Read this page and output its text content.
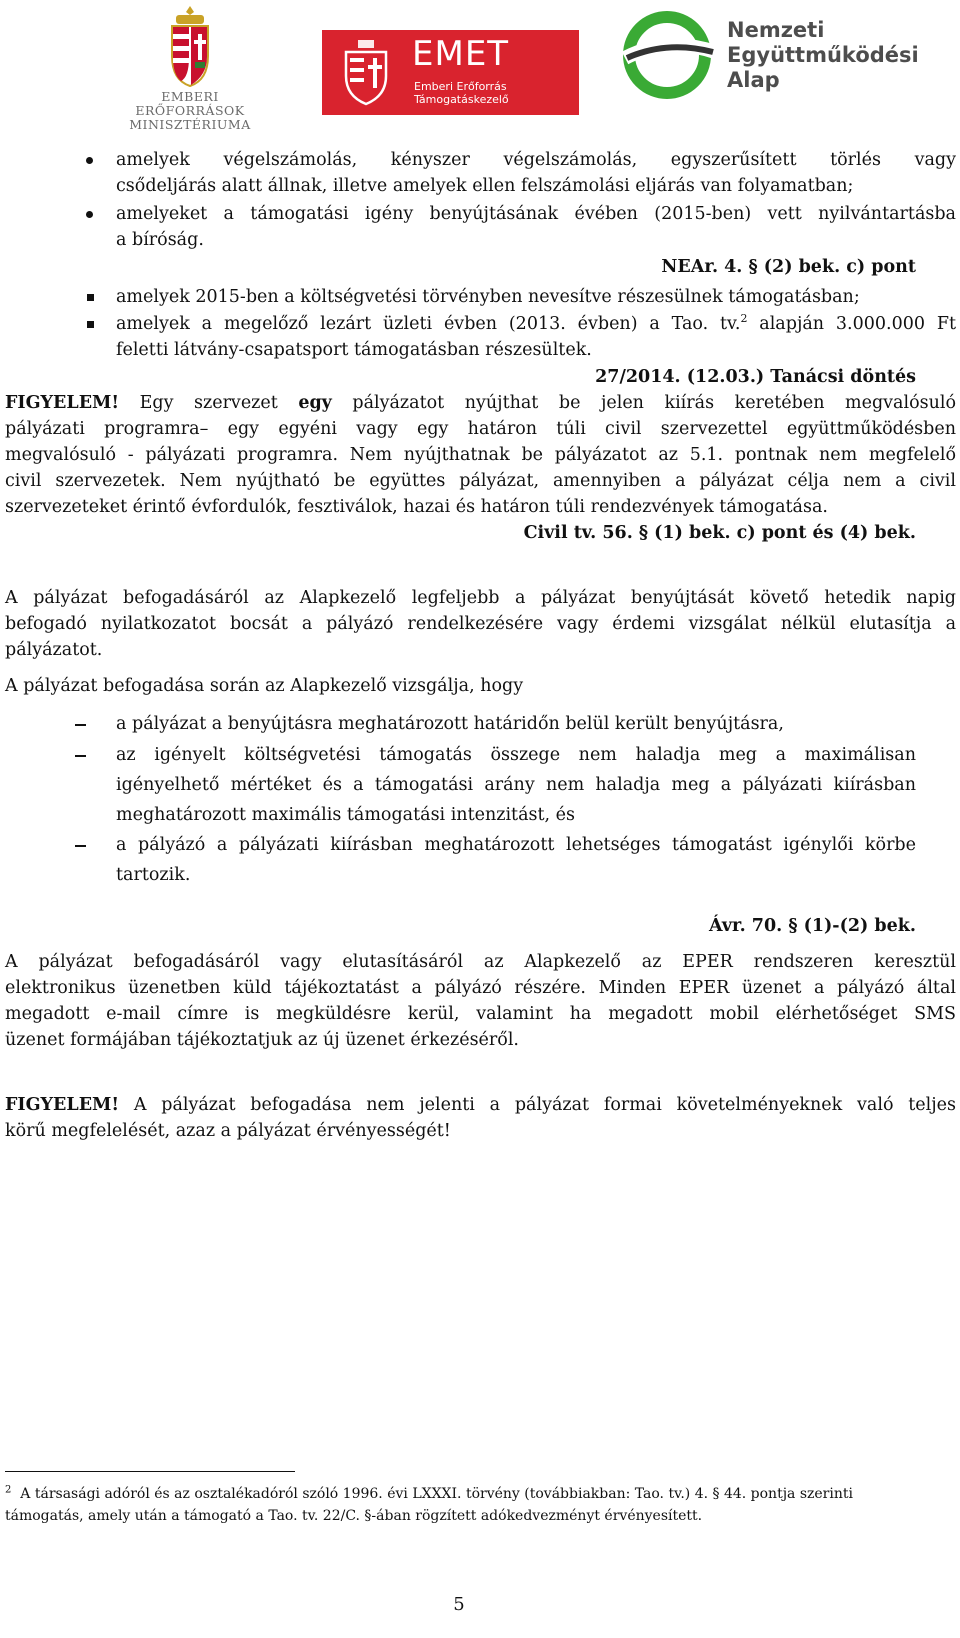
EMBERI ERŐFORRÁSOK
MINISZTÉRIUMA
EMET
Emberi Erőforrás
Támogatáskezelő
Nemzeti
Együttműködési
Alap
amelyek végelszámolás, kényszer végelszámolás, egyszerűsített törlés vagy
csődeljárás alatt állnak, illetve amelyek ellen felszámolási eljárás van folyamatban;
amelyeket a támogatási igény benyújtásának évében (2015-ben) vett nyilvántartásba
a bíróság.
NEAr. 4. § (2) bek. c) pont
amelyek 2015-ben a költségvetési törvényben nevesítve részesülnek támogatásban;
amelyek a megelőző lezárt üzleti évben (2013. évben) a Tao. tv.$^2$ alapján 3.000.000 Ft
feletti látvány-csapatsport támogatásban részesültek.
27/2014. (12.03.) Tanácsi döntés
FIGYELEM! Egy szervezet egy pályázatot nyújthat be jelen kiírás keretében megvalósuló
pályázati programra– egy egyéni vagy egy határon túli civil szervezettel együttműködésben
megvalósuló - pályázati programra. Nem nyújthatnak be pályázatot az 5.1. pontnak nem megfelelő
civil szervezetek. Nem nyújtható be együttes pályázat, amennyiben a pályázat célja nem a civil
szervezeteket érintő évfordulók, fesztiválok, hazai és határon túli rendezvények támogatása.
Civil tv. 56. § (1) bek. c) pont és (4) bek.
A pályázat befogadásáról az Alapkezelő legfeljebb a pályázat benyújtását követő hetedik napig
befogadó nyilatkozatot bocsát a pályázó rendelkezésére vagy érdemi vizsgálat nélkül elutasítja a
pályázatot.
A pályázat befogadása során az Alapkezelő vizsgálja, hogy
a pályázat a benyújtásra meghatározott határidőn belül került benyújtásra,
az igényelt költségvetési támogatás összege nem haladja meg a maximálisan
igényelhető mértéket és a támogatási arány nem haladja meg a pályázati kiírásban
meghatározott maximális támogatási intenzitást, és
a pályázó a pályázati kiírásban meghatározott lehetséges támogatást igénylői körbe
tartozik.
Ávr. 70. § (1)-(2) bek.
A pályázat befogadásáról vagy elutasításáról az Alapkezelő az EPER rendszeren keresztül
elektronikus üzenetben küld tájékoztatást a pályázó részére. Minden EPER üzenet a pályázó által
megadott e-mail címre is megküldésre kerül, valamint ha megadott mobil elérhetőséget SMS
üzenet formájában tájékoztatjuk az új üzenet érkezéséről.
FIGYELEM! A pályázat befogadása nem jelenti a pályázat formai követelményeknek való teljes
körű megfelelését, azaz a pályázat érvényességét!
$^2$ A társasági adóról és az osztalékadóról szóló 1996. évi LXXXI. törvény (továbbiakban: Tao. tv.) 4. § 44. pontja szerinti
támogatás, amely után a támogató a Tao. tv. 22/C. §-ában rögzített adókedvezményt érvényesített.
5
